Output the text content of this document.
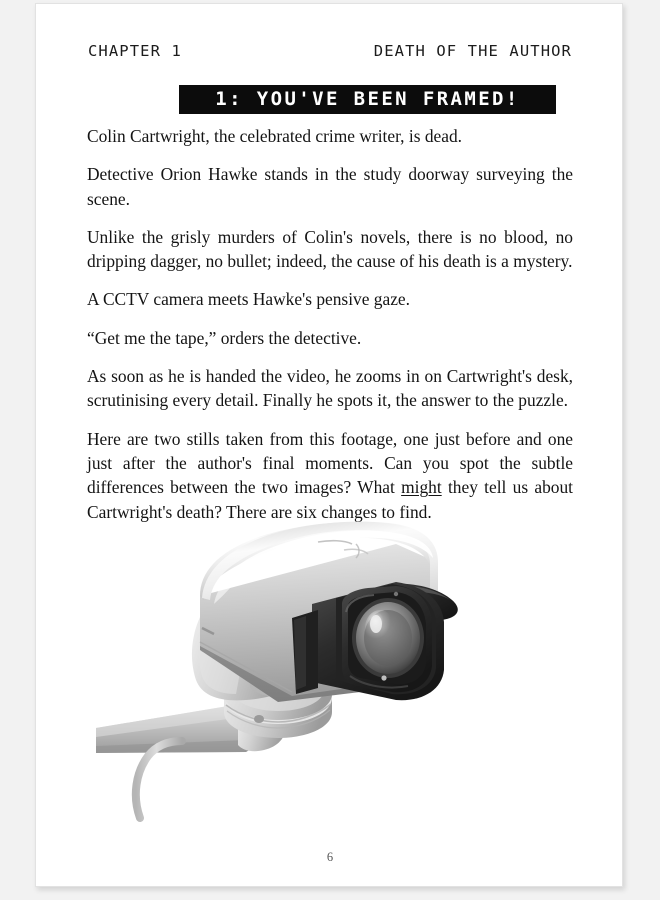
CHAPTER 1	DEATH OF THE AUTHOR
1: YOU'VE BEEN FRAMED!

Colin Cartwright, the celebrated crime writer, is dead.

Detective Orion Hawke stands in the study doorway surveying the scene.

Unlike the grisly murders of Colin's novels, there is no blood, no dripping dagger, no bullet; indeed, the cause of his death is a mystery.

A CCTV camera meets Hawke's pensive gaze.

“Get me the tape,” orders the detective.

As soon as he is handed the video, he zooms in on Cartwright's desk, scrutinising every detail. Finally he spots it, the answer to the puzzle.

Here are two stills taken from this footage, one just before and one just after the author's final moments. Can you spot the subtle differences between the two images? What might they tell us about Cartwright's death? There are six changes to find.

6
